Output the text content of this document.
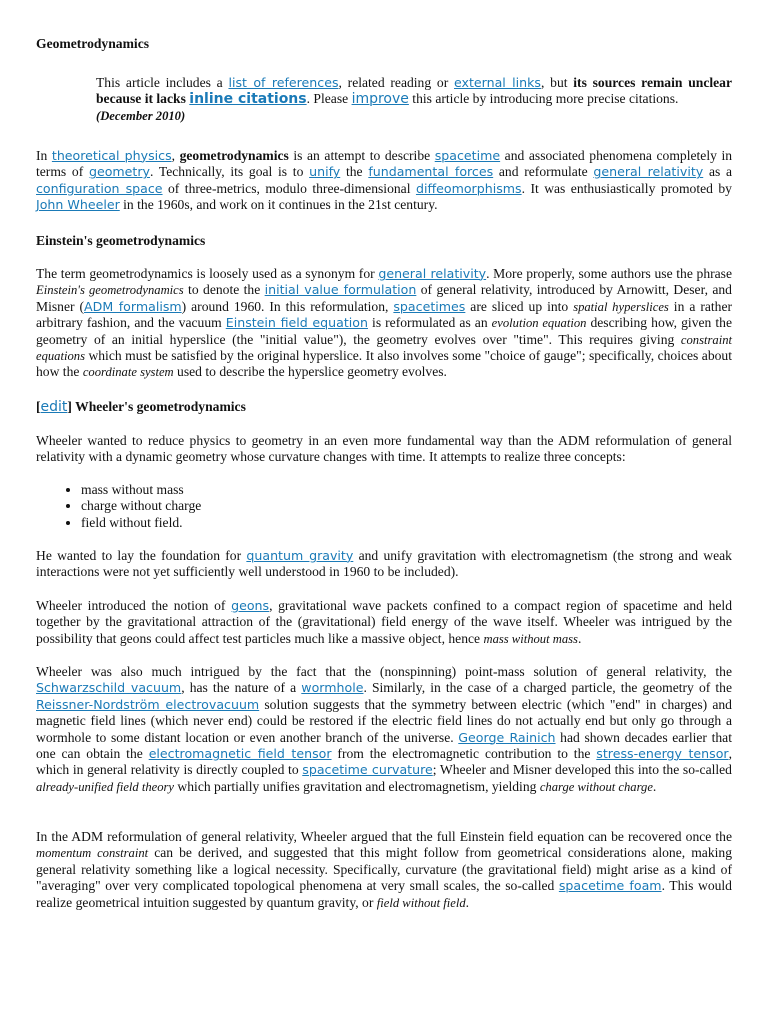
Geometrodynamics

This article includes a list of references, related reading or external links, but its sources remain unclear because it lacks inline citations. Please improve this article by introducing more precise citations.
(December 2010)

In theoretical physics, geometrodynamics is an attempt to describe spacetime and associated phenomena completely in terms of geometry. Technically, its goal is to unify the fundamental forces and reformulate general relativity as a configuration space of three-metrics, modulo three-dimensional diffeomorphisms. It was enthusiastically promoted by John Wheeler in the 1960s, and work on it continues in the 21st century.

Einstein's geometrodynamics

The term geometrodynamics is loosely used as a synonym for general relativity. More properly, some authors use the phrase Einstein's geometrodynamics to denote the initial value formulation of general relativity, introduced by Arnowitt, Deser, and Misner (ADM formalism) around 1960. In this reformulation, spacetimes are sliced up into spatial hyperslices in a rather arbitrary fashion, and the vacuum Einstein field equation is reformulated as an evolution equation describing how, given the geometry of an initial hyperslice (the "initial value"), the geometry evolves over "time". This requires giving constraint equations which must be satisfied by the original hyperslice. It also involves some "choice of gauge"; specifically, choices about how the coordinate system used to describe the hyperslice geometry evolves.

[edit] Wheeler's geometrodynamics

Wheeler wanted to reduce physics to geometry in an even more fundamental way than the ADM reformulation of general relativity with a dynamic geometry whose curvature changes with time. It attempts to realize three concepts:

• mass without mass
• charge without charge
• field without field.

He wanted to lay the foundation for quantum gravity and unify gravitation with electromagnetism (the strong and weak interactions were not yet sufficiently well understood in 1960 to be included).

Wheeler introduced the notion of geons, gravitational wave packets confined to a compact region of spacetime and held together by the gravitational attraction of the (gravitational) field energy of the wave itself. Wheeler was intrigued by the possibility that geons could affect test particles much like a massive object, hence mass without mass.

Wheeler was also much intrigued by the fact that the (nonspinning) point-mass solution of general relativity, the Schwarzschild vacuum, has the nature of a wormhole. Similarly, in the case of a charged particle, the geometry of the Reissner-Nordström electrovacuum solution suggests that the symmetry between electric (which "end" in charges) and magnetic field lines (which never end) could be restored if the electric field lines do not actually end but only go through a wormhole to some distant location or even another branch of the universe. George Rainich had shown decades earlier that one can obtain the electromagnetic field tensor from the electromagnetic contribution to the stress-energy tensor, which in general relativity is directly coupled to spacetime curvature; Wheeler and Misner developed this into the so-called already-unified field theory which partially unifies gravitation and electromagnetism, yielding charge without charge.

In the ADM reformulation of general relativity, Wheeler argued that the full Einstein field equation can be recovered once the momentum constraint can be derived, and suggested that this might follow from geometrical considerations alone, making general relativity something like a logical necessity. Specifically, curvature (the gravitational field) might arise as a kind of "averaging" over very complicated topological phenomena at very small scales, the so-called spacetime foam. This would realize geometrical intuition suggested by quantum gravity, or field without field.
